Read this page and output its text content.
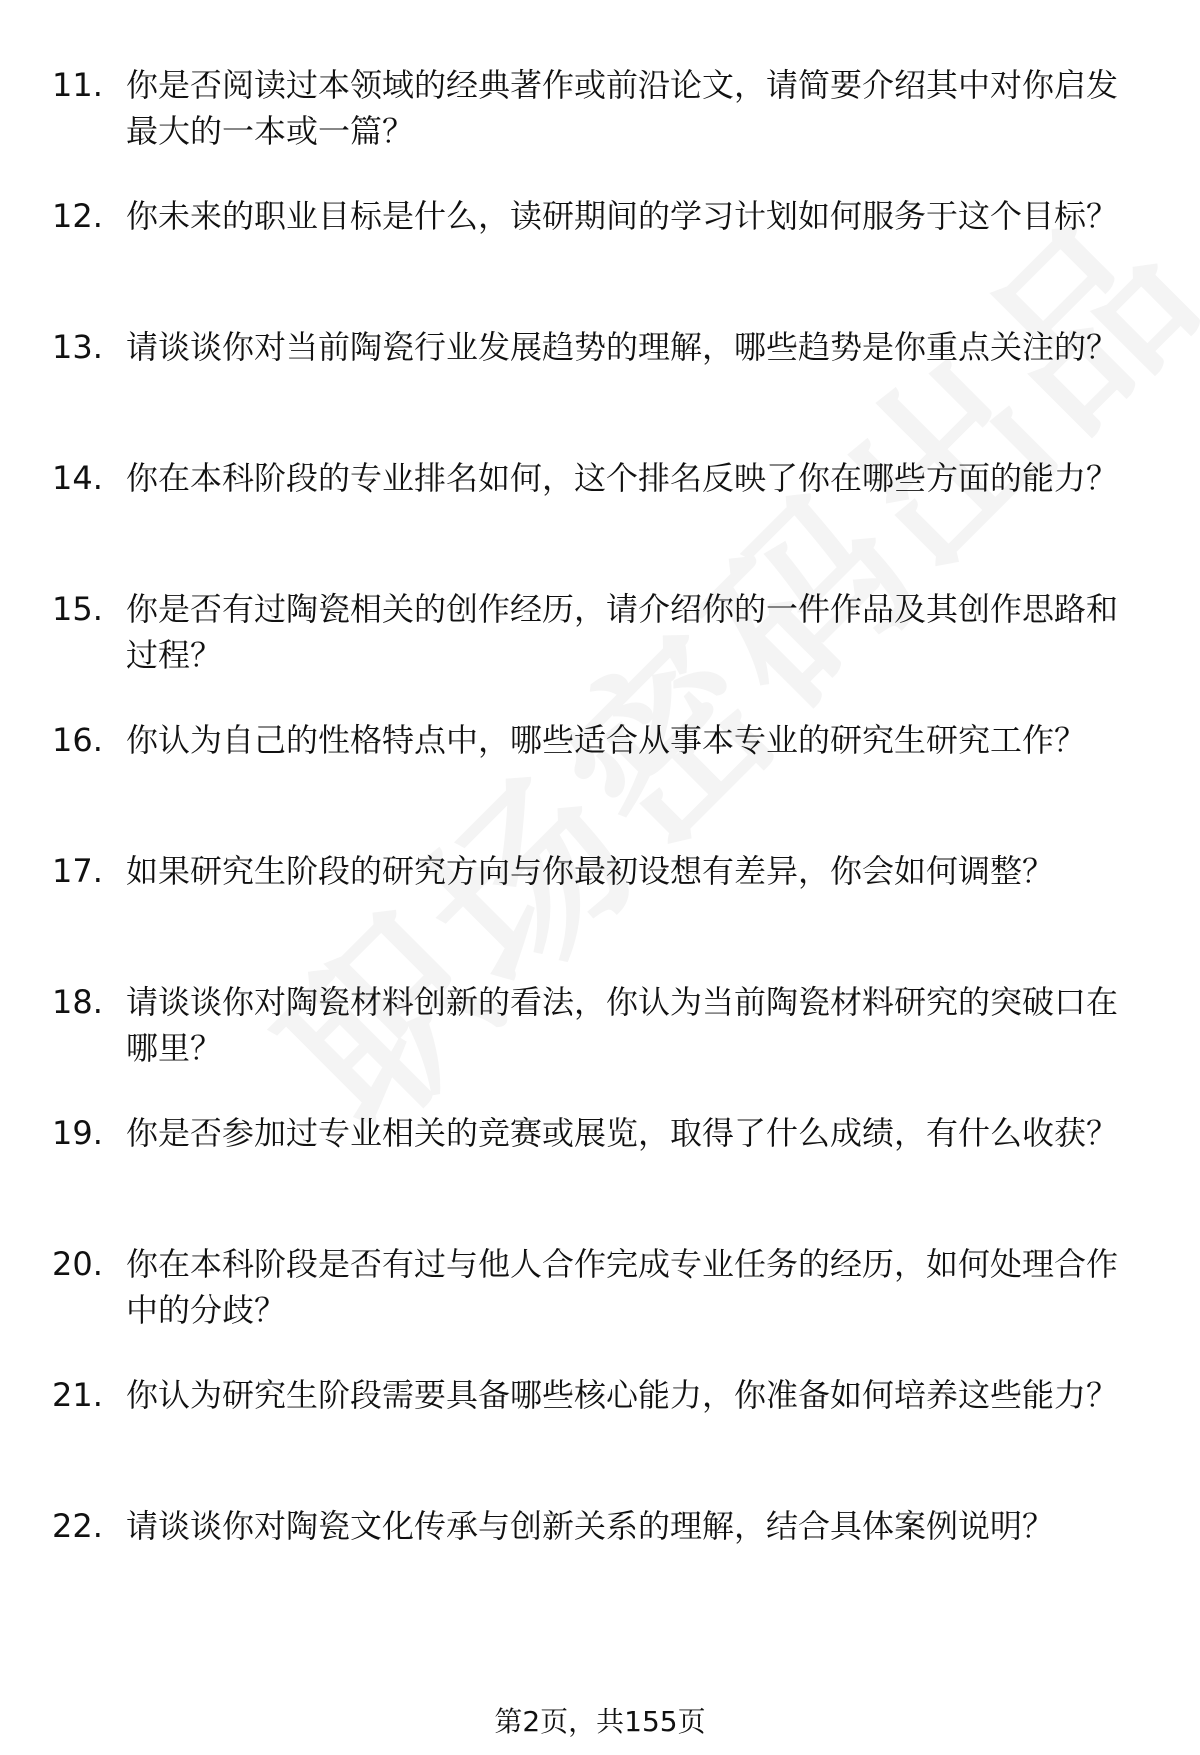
11. 你是否阅读过本领域的经典著作或前沿论文，请简要介绍其中对你启发最大的一本或一篇？
12. 你未来的职业目标是什么，读研期间的学习计划如何服务于这个目标？
13. 请谈谈你对当前陶瓷行业发展趋势的理解，哪些趋势是你重点关注的？
14. 你在本科阶段的专业排名如何，这个排名反映了你在哪些方面的能力？
15. 你是否有过陶瓷相关的创作经历，请介绍你的一件作品及其创作思路和过程？
16. 你认为自己的性格特点中，哪些适合从事本专业的研究生研究工作？
17. 如果研究生阶段的研究方向与你最初设想有差异，你会如何调整？
18. 请谈谈你对陶瓷材料创新的看法，你认为当前陶瓷材料研究的突破口在哪里？
19. 你是否参加过专业相关的竞赛或展览，取得了什么成绩，有什么收获？
20. 你在本科阶段是否有过与他人合作完成专业任务的经历，如何处理合作中的分歧？
21. 你认为研究生阶段需要具备哪些核心能力，你准备如何培养这些能力？
22. 请谈谈你对陶瓷文化传承与创新关系的理解，结合具体案例说明？
第2页，共155页
